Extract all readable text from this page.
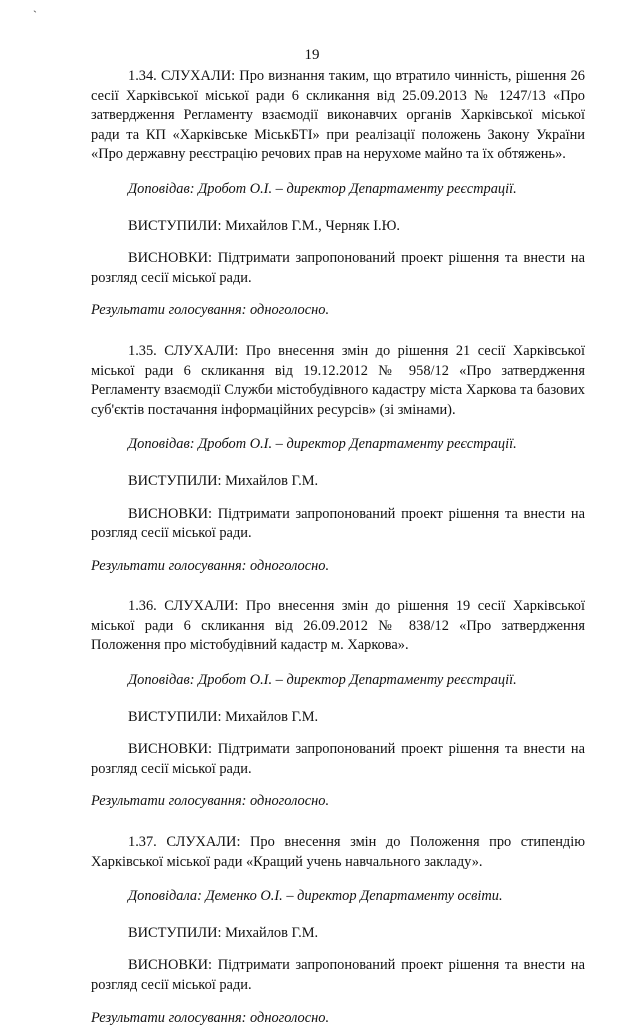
`
19

1.34. СЛУХАЛИ: Про визнання таким, що втратило чинність, рішення 26 сесії Харківської міської ради 6 скликання від 25.09.2013 № 1247/13 «Про затвердження Регламенту взаємодії виконавчих органів Харківської міської ради та КП «Харківське МіськБТІ» при реалізації положень Закону України «Про державну реєстрацію речових прав на нерухоме майно та їх обтяжень».

Доповідав: Дробот О.І. – директор Департаменту реєстрації.

ВИСТУПИЛИ: Михайлов Г.М., Черняк І.Ю.

ВИСНОВКИ: Підтримати запропонований проект рішення та внести на розгляд сесії міської ради.

Результати голосування: одноголосно.

1.35. СЛУХАЛИ: Про внесення змін до рішення 21 сесії Харківської міської ради 6 скликання від 19.12.2012 № 958/12 «Про затвердження Регламенту взаємодії Служби містобудівного кадастру міста Харкова та базових суб'єктів постачання інформаційних ресурсів» (зі змінами).

Доповідав: Дробот О.І. – директор Департаменту реєстрації.

ВИСТУПИЛИ: Михайлов Г.М.

ВИСНОВКИ: Підтримати запропонований проект рішення та внести на розгляд сесії міської ради.

Результати голосування: одноголосно.

1.36. СЛУХАЛИ: Про внесення змін до рішення 19 сесії Харківської міської ради 6 скликання від 26.09.2012 № 838/12 «Про затвердження Положення про містобудівний кадастр м. Харкова».

Доповідав: Дробот О.І. – директор Департаменту реєстрації.

ВИСТУПИЛИ: Михайлов Г.М.

ВИСНОВКИ: Підтримати запропонований проект рішення та внести на розгляд сесії міської ради.

Результати голосування: одноголосно.

1.37. СЛУХАЛИ: Про внесення змін до Положення про стипендію Харківської міської ради «Кращий учень навчального закладу».

Доповідала: Деменко О.І. – директор Департаменту освіти.

ВИСТУПИЛИ: Михайлов Г.М.

ВИСНОВКИ: Підтримати запропонований проект рішення та внести на розгляд сесії міської ради.

Результати голосування: одноголосно.
